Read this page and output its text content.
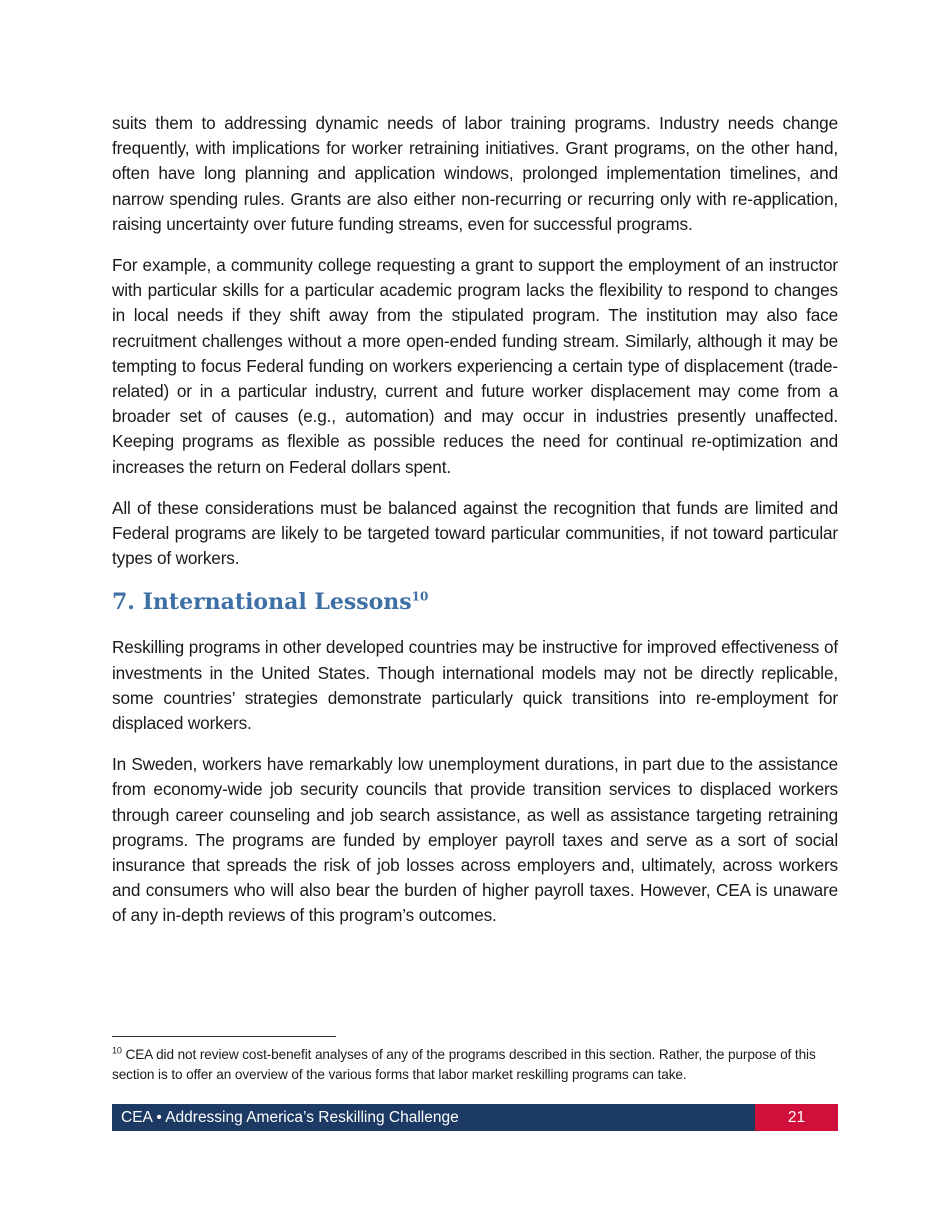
suits them to addressing dynamic needs of labor training programs. Industry needs change frequently, with implications for worker retraining initiatives. Grant programs, on the other hand, often have long planning and application windows, prolonged implementation timelines, and narrow spending rules. Grants are also either non-recurring or recurring only with re-application, raising uncertainty over future funding streams, even for successful programs.

For example, a community college requesting a grant to support the employment of an instructor with particular skills for a particular academic program lacks the flexibility to respond to changes in local needs if they shift away from the stipulated program. The institution may also face recruitment challenges without a more open-ended funding stream. Similarly, although it may be tempting to focus Federal funding on workers experiencing a certain type of displacement (trade-related) or in a particular industry, current and future worker displacement may come from a broader set of causes (e.g., automation) and may occur in industries presently unaffected. Keeping programs as flexible as possible reduces the need for continual re-optimization and increases the return on Federal dollars spent.

All of these considerations must be balanced against the recognition that funds are limited and Federal programs are likely to be targeted toward particular communities, if not toward particular types of workers.

7. International Lessons$^{10}$

Reskilling programs in other developed countries may be instructive for improved effectiveness of investments in the United States. Though international models may not be directly replicable, some countries’ strategies demonstrate particularly quick transitions into re-employment for displaced workers.

In Sweden, workers have remarkably low unemployment durations, in part due to the assistance from economy-wide job security councils that provide transition services to displaced workers through career counseling and job search assistance, as well as assistance targeting retraining programs. The programs are funded by employer payroll taxes and serve as a sort of social insurance that spreads the risk of job losses across employers and, ultimately, across workers and consumers who will also bear the burden of higher payroll taxes. However, CEA is unaware of any in-depth reviews of this program’s outcomes.

$^{10}$ CEA did not review cost-benefit analyses of any of the programs described in this section. Rather, the purpose of this section is to offer an overview of the various forms that labor market reskilling programs can take.
CEA • Addressing America’s Reskilling Challenge	21
